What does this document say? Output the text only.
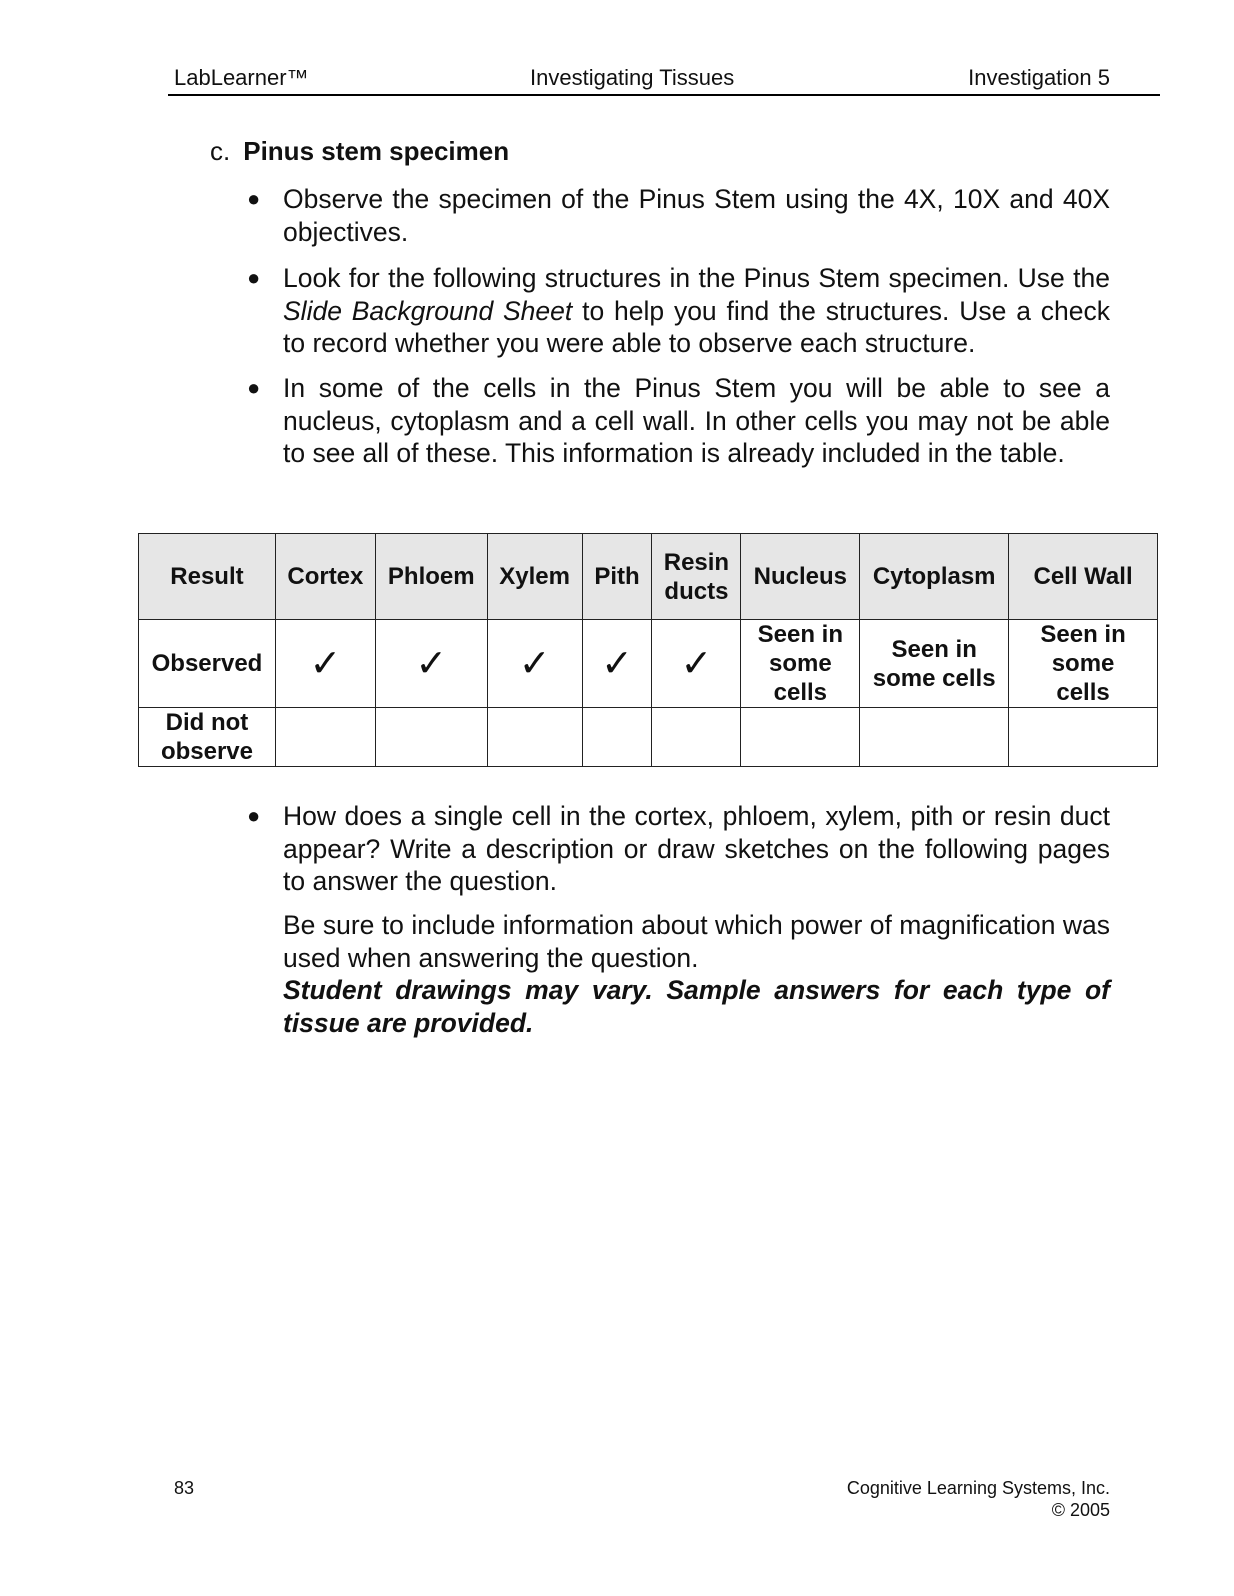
LabLearner™	Investigating Tissues	Investigation 5
c. Pinus stem specimen
● Observe the specimen of the Pinus Stem using the 4X, 10X and 40X objectives.
● Look for the following structures in the Pinus Stem specimen. Use the Slide Background Sheet to help you find the structures. Use a check to record whether you were able to observe each structure.
● In some of the cells in the Pinus Stem you will be able to see a nucleus, cytoplasm and a cell wall. In other cells you may not be able to see all of these. This information is already included in the table.
Result	Cortex	Phloem	Xylem	Pith	Resin ducts	Nucleus	Cytoplasm	Cell Wall
Observed	✓	✓	✓	✓	✓	Seen in some cells	Seen in some cells	Seen in some cells
Did not observe								
● How does a single cell in the cortex, phloem, xylem, pith or resin duct appear? Write a description or draw sketches on the following pages to answer the question.
Be sure to include information about which power of magnification was used when answering the question.
Student drawings may vary. Sample answers for each type of tissue are provided.
83	Cognitive Learning Systems, Inc.
© 2005
